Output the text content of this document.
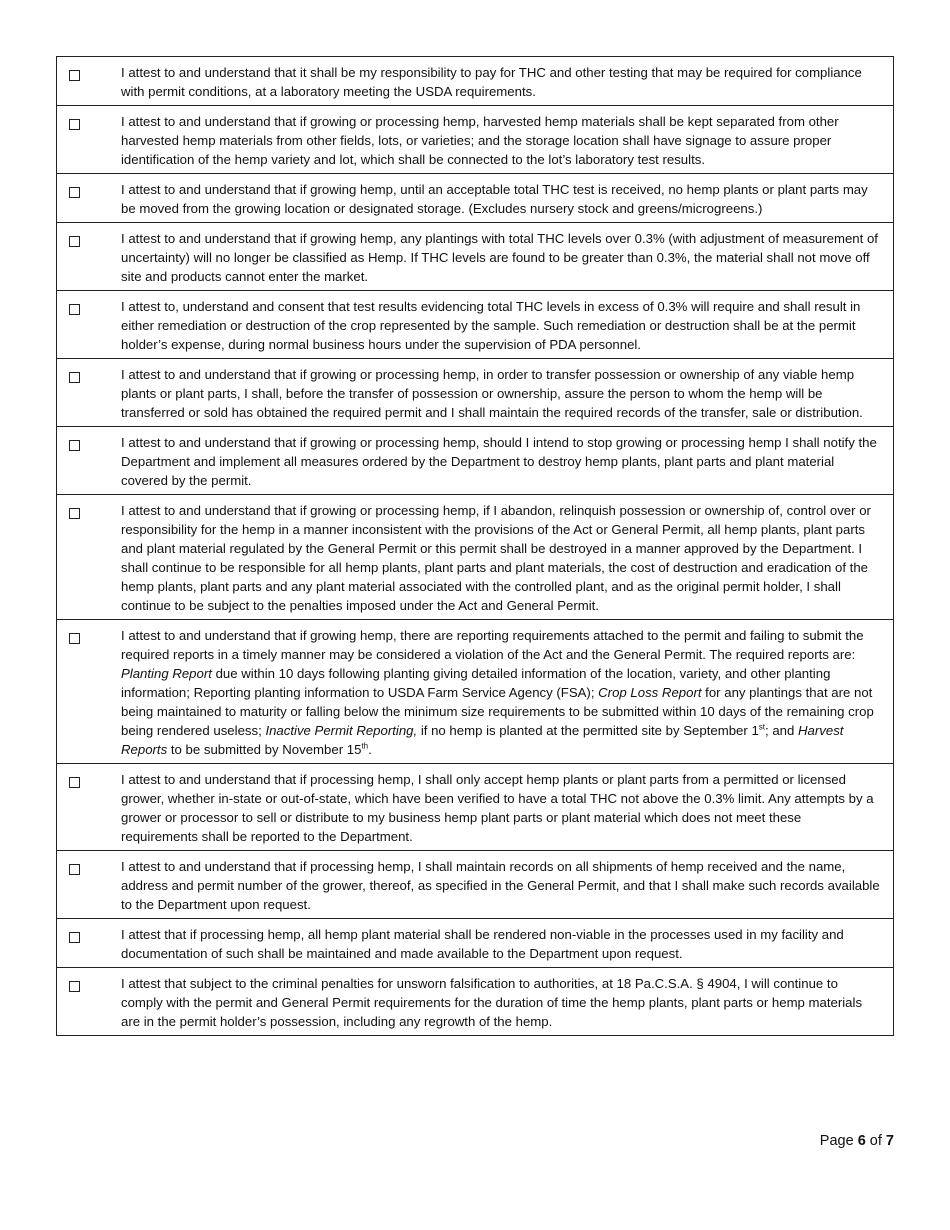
	I attest to and understand that it shall be my responsibility to pay for THC and other testing that may be required for compliance with permit conditions, at a laboratory meeting the USDA requirements.

	I attest to and understand that if growing or processing hemp, harvested hemp materials shall be kept separated from other harvested hemp materials from other fields, lots, or varieties; and the storage location shall have signage to assure proper identification of the hemp variety and lot, which shall be connected to the lot’s laboratory test results.

	I attest to and understand that if growing hemp, until an acceptable total THC test is received, no hemp plants or plant parts may be moved from the growing location or designated storage. (Excludes nursery stock and greens/microgreens.)

	I attest to and understand that if growing hemp, any plantings with total THC levels over 0.3% (with adjustment of measurement of uncertainty) will no longer be classified as Hemp. If THC levels are found to be greater than 0.3%, the material shall not move off site and products cannot enter the market.

	I attest to, understand and consent that test results evidencing total THC levels in excess of 0.3% will require and shall result in either remediation or destruction of the crop represented by the sample. Such remediation or destruction shall be at the permit holder’s expense, during normal business hours under the supervision of PDA personnel.

	I attest to and understand that if growing or processing hemp, in order to transfer possession or ownership of any viable hemp plants or plant parts, I shall, before the transfer of possession or ownership, assure the person to whom the hemp will be transferred or sold has obtained the required permit and I shall maintain the required records of the transfer, sale or distribution.

	I attest to and understand that if growing or processing hemp, should I intend to stop growing or processing hemp I shall notify the Department and implement all measures ordered by the Department to destroy hemp plants, plant parts and plant material covered by the permit.

	I attest to and understand that if growing or processing hemp, if I abandon, relinquish possession or ownership of, control over or responsibility for the hemp in a manner inconsistent with the provisions of the Act or General Permit, all hemp plants, plant parts and plant material regulated by the General Permit or this permit shall be destroyed in a manner approved by the Department. I shall continue to be responsible for all hemp plants, plant parts and plant materials, the cost of destruction and eradication of the hemp plants, plant parts and any plant material associated with the controlled plant, and as the original permit holder, I shall continue to be subject to the penalties imposed under the Act and General Permit.

	I attest to and understand that if growing hemp, there are reporting requirements attached to the permit and failing to submit the required reports in a timely manner may be considered a violation of the Act and the General Permit. The required reports are: Planting Report due within 10 days following planting giving detailed information of the location, variety, and other planting information; Reporting planting information to USDA Farm Service Agency (FSA); Crop Loss Report for any plantings that are not being maintained to maturity or falling below the minimum size requirements to be submitted within 10 days of the remaining crop being rendered useless; Inactive Permit Reporting, if no hemp is planted at the permitted site by September 1st; and Harvest Reports to be submitted by November 15th.

	I attest to and understand that if processing hemp, I shall only accept hemp plants or plant parts from a permitted or licensed grower, whether in-state or out-of-state, which have been verified to have a total THC not above the 0.3% limit. Any attempts by a grower or processor to sell or distribute to my business hemp plant parts or plant material which does not meet these requirements shall be reported to the Department.

	I attest to and understand that if processing hemp, I shall maintain records on all shipments of hemp received and the name, address and permit number of the grower, thereof, as specified in the General Permit, and that I shall make such records available to the Department upon request.

	I attest that if processing hemp, all hemp plant material shall be rendered non-viable in the processes used in my facility and documentation of such shall be maintained and made available to the Department upon request.

	I attest that subject to the criminal penalties for unsworn falsification to authorities, at 18 Pa.C.S.A. § 4904, I will continue to comply with the permit and General Permit requirements for the duration of time the hemp plants, plant parts or hemp materials are in the permit holder’s possession, including any regrowth of the hemp.
Page 6 of 7
